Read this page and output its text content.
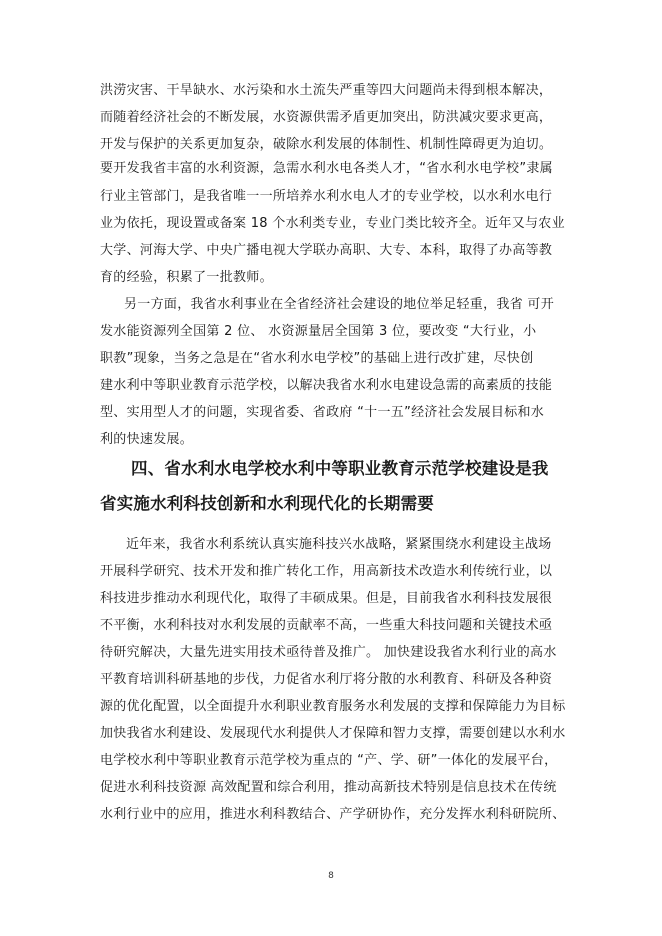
洪涝灾害、干旱缺水、水污染和水土流失严重等四大问题尚未得到根本解决，
而随着经济社会的不断发展，水资源供需矛盾更加突出，防洪减灾要求更高，
开发与保护的关系更加复杂，破除水利发展的体制性、机制性障碍更为迫切。
要开发我省丰富的水利资源，急需水利水电各类人才，“省水利水电学校”隶属
行业主管部门，是我省唯一一所培养水利水电人才的专业学校，以水利水电行
业为依托，现设置或备案 18 个水利类专业，专业门类比较齐全。近年又与农业
大学、河海大学、中央广播电视大学联办高职、大专、本科，取得了办高等教
育的经验，积累了一批教师。
另一方面，我省水利事业在全省经济社会建设的地位举足轻重，我省 可开
发水能资源列全国第 2 位、 水资源量居全国第 3 位，要改变 “大行业，小
职教”现象，当务之急是在“省水利水电学校”的基础上进行改扩建，尽快创
建水利中等职业教育示范学校，以解决我省水利水电建设急需的高素质的技能
型、实用型人才的问题，实现省委、省政府 “十一五”经济社会发展目标和水
利的快速发展。
四、省水利水电学校水利中等职业教育示范学校建设是我
省实施水利科技创新和水利现代化的长期需要
近年来，我省水利系统认真实施科技兴水战略，紧紧围绕水利建设主战场
开展科学研究、技术开发和推广转化工作，用高新技术改造水利传统行业，以
科技进步推动水利现代化，取得了丰硕成果。但是，目前我省水利科技发展很
不平衡，水利科技对水利发展的贡献率不高，一些重大科技问题和关键技术亟
待研究解决，大量先进实用技术亟待普及推广。 加快建设我省水利行业的高水
平教育培训科研基地的步伐，力促省水利厅将分散的水利教育、科研及各种资
源的优化配置，以全面提升水利职业教育服务水利发展的支撑和保障能力为目标
加快我省水利建设、发展现代水利提供人才保障和智力支撑，需要创建以水利水
电学校水利中等职业教育示范学校为重点的 “产、学、研”一体化的发展平台，
促进水利科技资源 高效配置和综合利用，推动高新技术特别是信息技术在传统
水利行业中的应用，推进水利科教结合、产学研协作，充分发挥水利科研院所、
8
